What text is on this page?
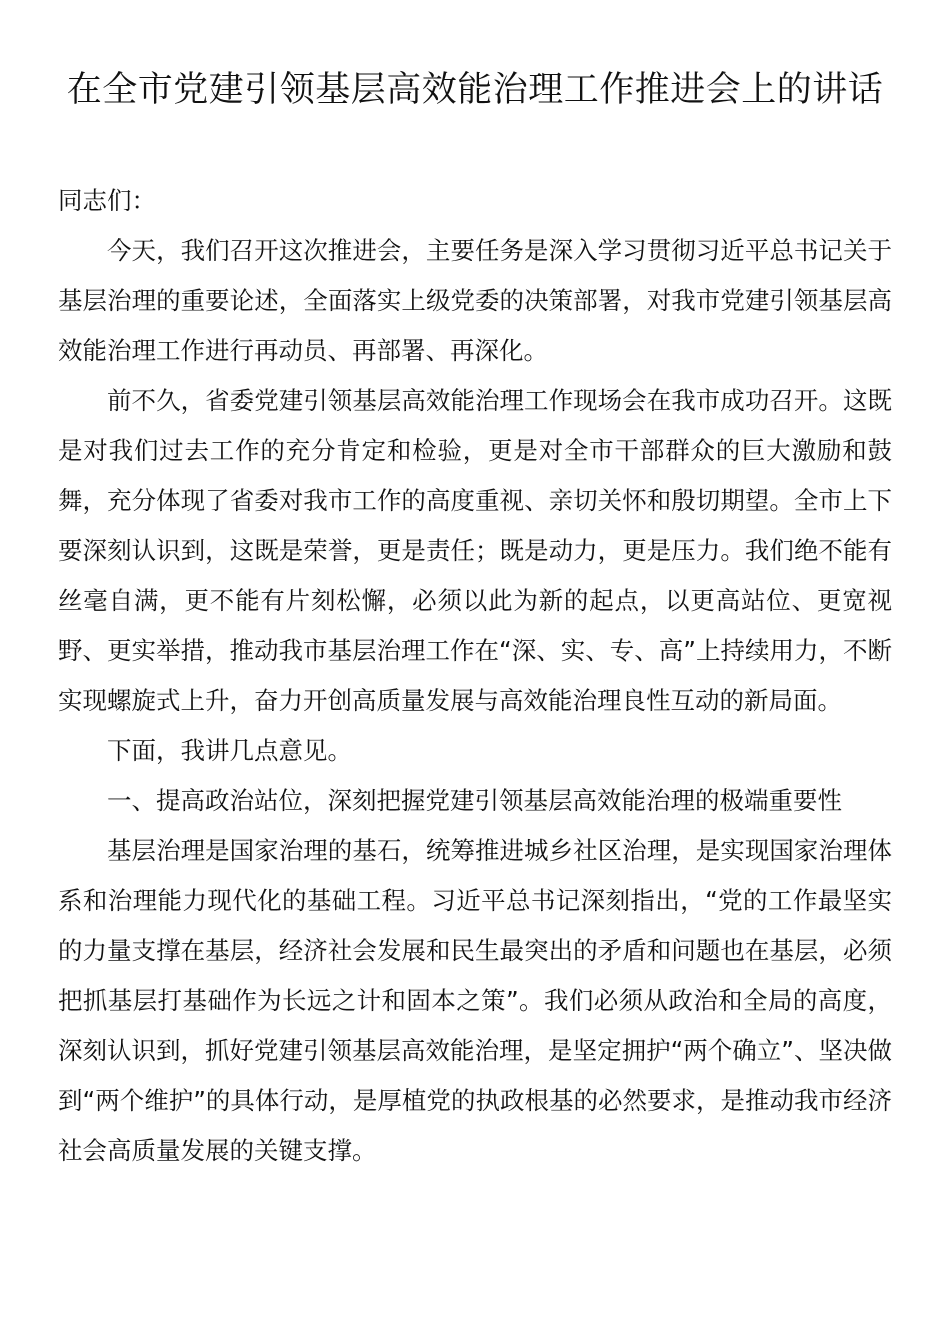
在全市党建引领基层高效能治理工作推进会上的讲话

同志们：

今天，我们召开这次推进会，主要任务是深入学习贯彻习近平总书记关于基层治理的重要论述，全面落实上级党委的决策部署，对我市党建引领基层高效能治理工作进行再动员、再部署、再深化。

前不久，省委党建引领基层高效能治理工作现场会在我市成功召开。这既是对我们过去工作的充分肯定和检验，更是对全市干部群众的巨大激励和鼓舞，充分体现了省委对我市工作的高度重视、亲切关怀和殷切期望。全市上下要深刻认识到，这既是荣誉，更是责任；既是动力，更是压力。我们绝不能有丝毫自满，更不能有片刻松懈，必须以此为新的起点，以更高站位、更宽视野、更实举措，推动我市基层治理工作在“深、实、专、高”上持续用力，不断实现螺旋式上升，奋力开创高质量发展与高效能治理良性互动的新局面。

下面，我讲几点意见。

一、提高政治站位，深刻把握党建引领基层高效能治理的极端重要性

基层治理是国家治理的基石，统筹推进城乡社区治理，是实现国家治理体系和治理能力现代化的基础工程。习近平总书记深刻指出，“党的工作最坚实的力量支撑在基层，经济社会发展和民生最突出的矛盾和问题也在基层，必须把抓基层打基础作为长远之计和固本之策”。我们必须从政治和全局的高度，深刻认识到，抓好党建引领基层高效能治理，是坚定拥护“两个确立”、坚决做到“两个维护”的具体行动，是厚植党的执政根基的必然要求，是推动我市经济社会高质量发展的关键支撑。
